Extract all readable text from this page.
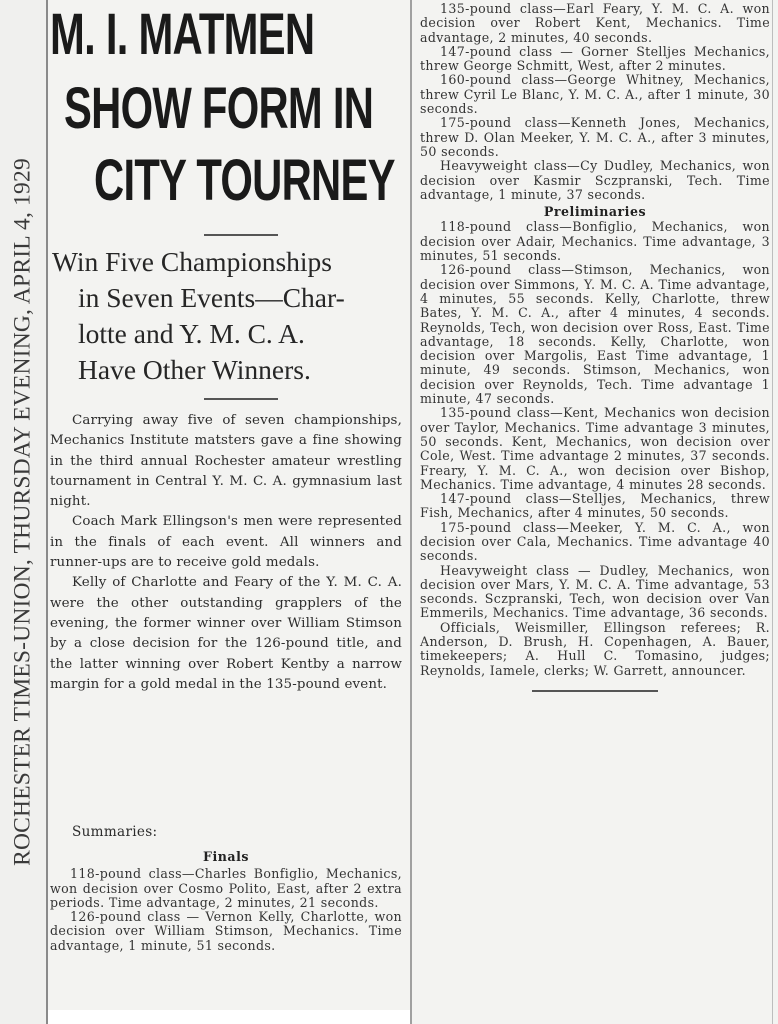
ROCHESTER TIMES-UNION, THURSDAY EVENING, APRIL 4, 1929
M. I. MATMEN
SHOW FORM IN
CITY TOURNEY
Win Five Championships
in Seven Events—Char-
lotte and Y. M. C. A.
Have Other Winners.

Carrying away five of seven championships, Mechanics Institute matsters gave a fine showing in the third annual Rochester amateur wrestling tournament in Central Y. M. C. A. gymnasium last night.

Coach Mark Ellingson's men were represented in the finals of each event. All winners and runner-ups are to receive gold medals.

Kelly of Charlotte and Feary of the Y. M. C. A. were the other outstanding grapplers of the evening, the former winner over William Stimson by a close decision for the 126-pound title, and the latter winning over Robert Kentby a narrow margin for a gold medal in the 135-pound event.

Summaries:
Finals

118-pound class—Charles Bonfiglio, Mechanics, won decision over Cosmo Polito, East, after 2 extra periods. Time advantage, 2 minutes, 21 seconds.

126-pound class — Vernon Kelly, Charlotte, won decision over William Stimson, Mechanics. Time advantage, 1 minute, 51 seconds.

135-pound class—Earl Feary, Y. M. C. A. won decision over Robert Kent, Mechanics. Time advantage, 2 minutes, 40 seconds.

147-pound class — Gorner Stelljes Mechanics, threw George Schmitt, West, after 2 minutes.

160-pound class—George Whitney, Mechanics, threw Cyril Le Blanc, Y. M. C. A., after 1 minute, 30 seconds.

175-pound class—Kenneth Jones, Mechanics, threw D. Olan Meeker, Y. M. C. A., after 3 minutes, 50 seconds.

Heavyweight class—Cy Dudley, Mechanics, won decision over Kasmir Sczpranski, Tech. Time advantage, 1 minute, 37 seconds.

Preliminaries

118-pound class—Bonfiglio, Mechanics, won decision over Adair, Mechanics. Time advantage, 3 minutes, 51 seconds.

126-pound class—Stimson, Mechanics, won decision over Simmons, Y. M. C. A. Time advantage, 4 minutes, 55 seconds. Kelly, Charlotte, threw Bates, Y. M. C. A., after 4 minutes, 4 seconds. Reynolds, Tech, won decision over Ross, East. Time advantage, 18 seconds. Kelly, Charlotte, won decision over Margolis, East Time advantage, 1 minute, 49 seconds. Stimson, Mechanics, won decision over Reynolds, Tech. Time advantage 1 minute, 47 seconds.

135-pound class—Kent, Mechanics won decision over Taylor, Mechanics. Time advantage 3 minutes, 50 seconds. Kent, Mechanics, won decision over Cole, West. Time advantage 2 minutes, 37 seconds. Freary, Y. M. C. A., won decision over Bishop, Mechanics. Time advantage, 4 minutes 28 seconds.

147-pound class—Stelljes, Mechanics, threw Fish, Mechanics, after 4 minutes, 50 seconds.

175-pound class—Meeker, Y. M. C. A., won decision over Cala, Mechanics. Time advantage 40 seconds.

Heavyweight class — Dudley, Mechanics, won decision over Mars, Y. M. C. A. Time advantage, 53 seconds. Sczpranski, Tech, won decision over Van Emmerils, Mechanics. Time advantage, 36 seconds.

Officials, Weismiller, Ellingson referees; R. Anderson, D. Brush, H. Copenhagen, A. Bauer, timekeepers; A. Hull C. Tomasino, judges; Reynolds, Iamele, clerks; W. Garrett, announcer.
